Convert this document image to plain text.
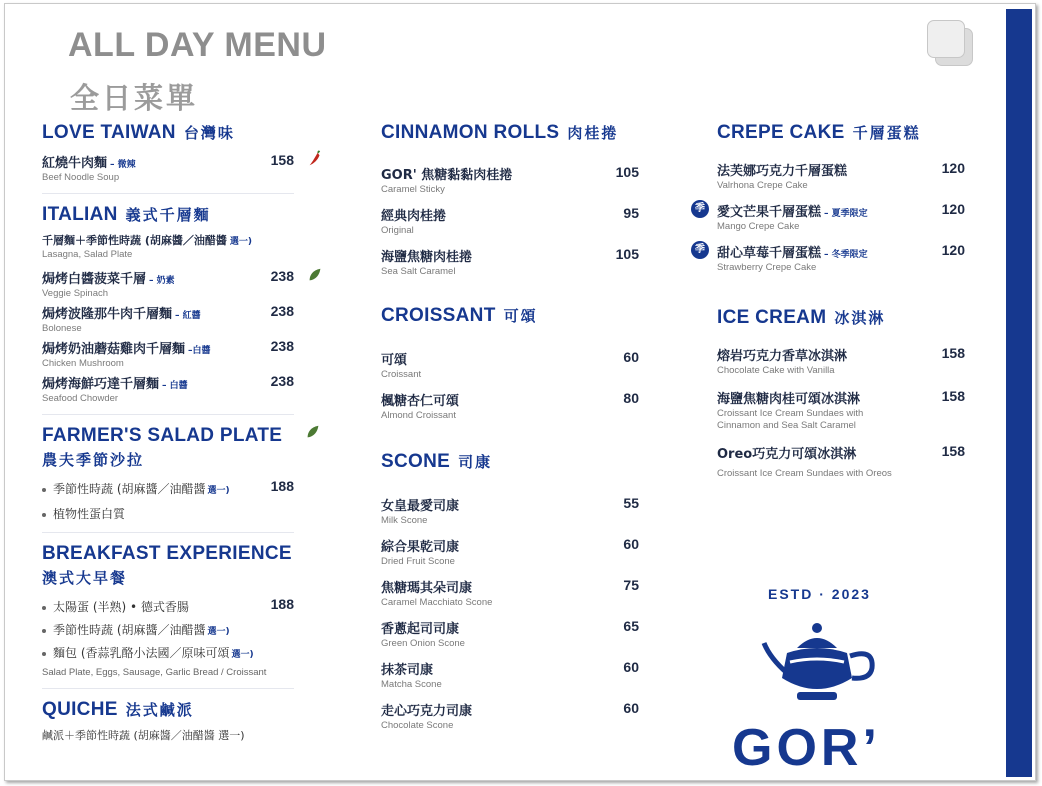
ALL DAY MENU
全日菜單
LOVE TAIWAN 台灣味
紅燒牛肉麵 – 微辣
Beef Noodle Soup
158
ITALIAN 義式千層麵
千層麵＋季節性時蔬 (胡麻醬／油醋醬 選一)
Lasagna, Salad Plate
焗烤白醬菠菜千層 – 奶素
Veggie Spinach
238
焗烤波隆那牛肉千層麵 – 紅醬
Bolonese
238
焗烤奶油蘑菇雞肉千層麵 –白醬
Chicken Mushroom
238
焗烤海鮮巧達千層麵 – 白醬
Seafood Chowder
238
FARMER'S SALAD PLATE
農夫季節沙拉
季節性時蔬 (胡麻醬／油醋醬 選一)	188
植物性蛋白質
BREAKFAST EXPERIENCE
澳式大早餐
太陽蛋 (半熟) • 德式香腸	188
季節性時蔬 (胡麻醬／油醋醬 選一)
麵包 (香蒜乳酪小法國／原味可頌 選一)
Salad Plate, Eggs, Sausage, Garlic Bread / Croissant
QUICHE 法式鹹派
CINNAMON ROLLS 肉桂捲
GOR' 焦糖黏黏肉桂捲
Caramel Sticky
105
經典肉桂捲
Original
95
海鹽焦糖肉桂捲
Sea Salt Caramel
105
CROISSANT 可頌
可頌
Croissant
60
楓糖杏仁可頌
Almond Croissant
80
SCONE 司康
女皇最愛司康
Milk Scone
55
綜合果乾司康
Dried Fruit Scone
60
焦糖瑪其朵司康
Caramel Macchiato Scone
75
香蔥起司司康
Green Onion Scone
65
抹茶司康
Matcha Scone
60
走心巧克力司康
Chocolate Scone
60
CREPE CAKE 千層蛋糕
法芙娜巧克力千層蛋糕
Valrhona Crepe Cake
120
季 愛文芒果千層蛋糕 – 夏季限定
Mango Crepe Cake
120
季 甜心草莓千層蛋糕 – 冬季限定
Strawberry Crepe Cake
120
ICE CREAM 冰淇淋
熔岩巧克力香草冰淇淋
Chocolate Cake with Vanilla
158
海鹽焦糖肉桂可頌冰淇淋
Croissant Ice Cream Sundaes with
Cinnamon and Sea Salt Caramel
158
Oreo巧克力可頌冰淇淋
Croissant Ice Cream Sundaes with Oreos
158
ESTD · 2023
GOR’
